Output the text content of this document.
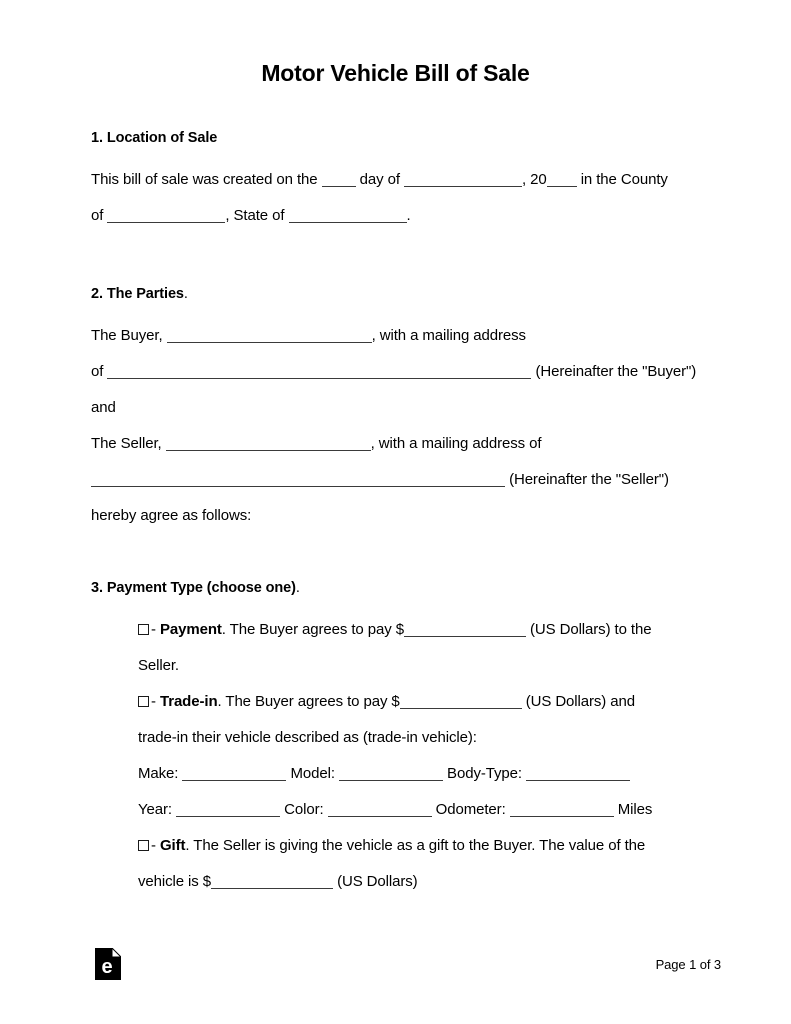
Motor Vehicle Bill of Sale
1. Location of Sale
This bill of sale was created on the  day of	, 20 in the County
of	, State of	.
2. The Parties.
The Buyer,	, with a mailing address
of	(Hereinafter the "Buyer")
and
The Seller,	, with a mailing address of
(Hereinafter the "Seller")
hereby agree as follows:
3. Payment Type (choose one).
- Payment. The Buyer agrees to pay $	(US Dollars) to the
Seller.
- Trade-in. The Buyer agrees to pay $	(US Dollars) and
trade-in their vehicle described as (trade-in vehicle):
Make:	Model:	Body-Type:
Year:	Color:	Odometer:	Miles
- Gift. The Seller is giving the vehicle as a gift to the Buyer. The value of the
vehicle is $	(US Dollars)
e	Page 1 of 3
